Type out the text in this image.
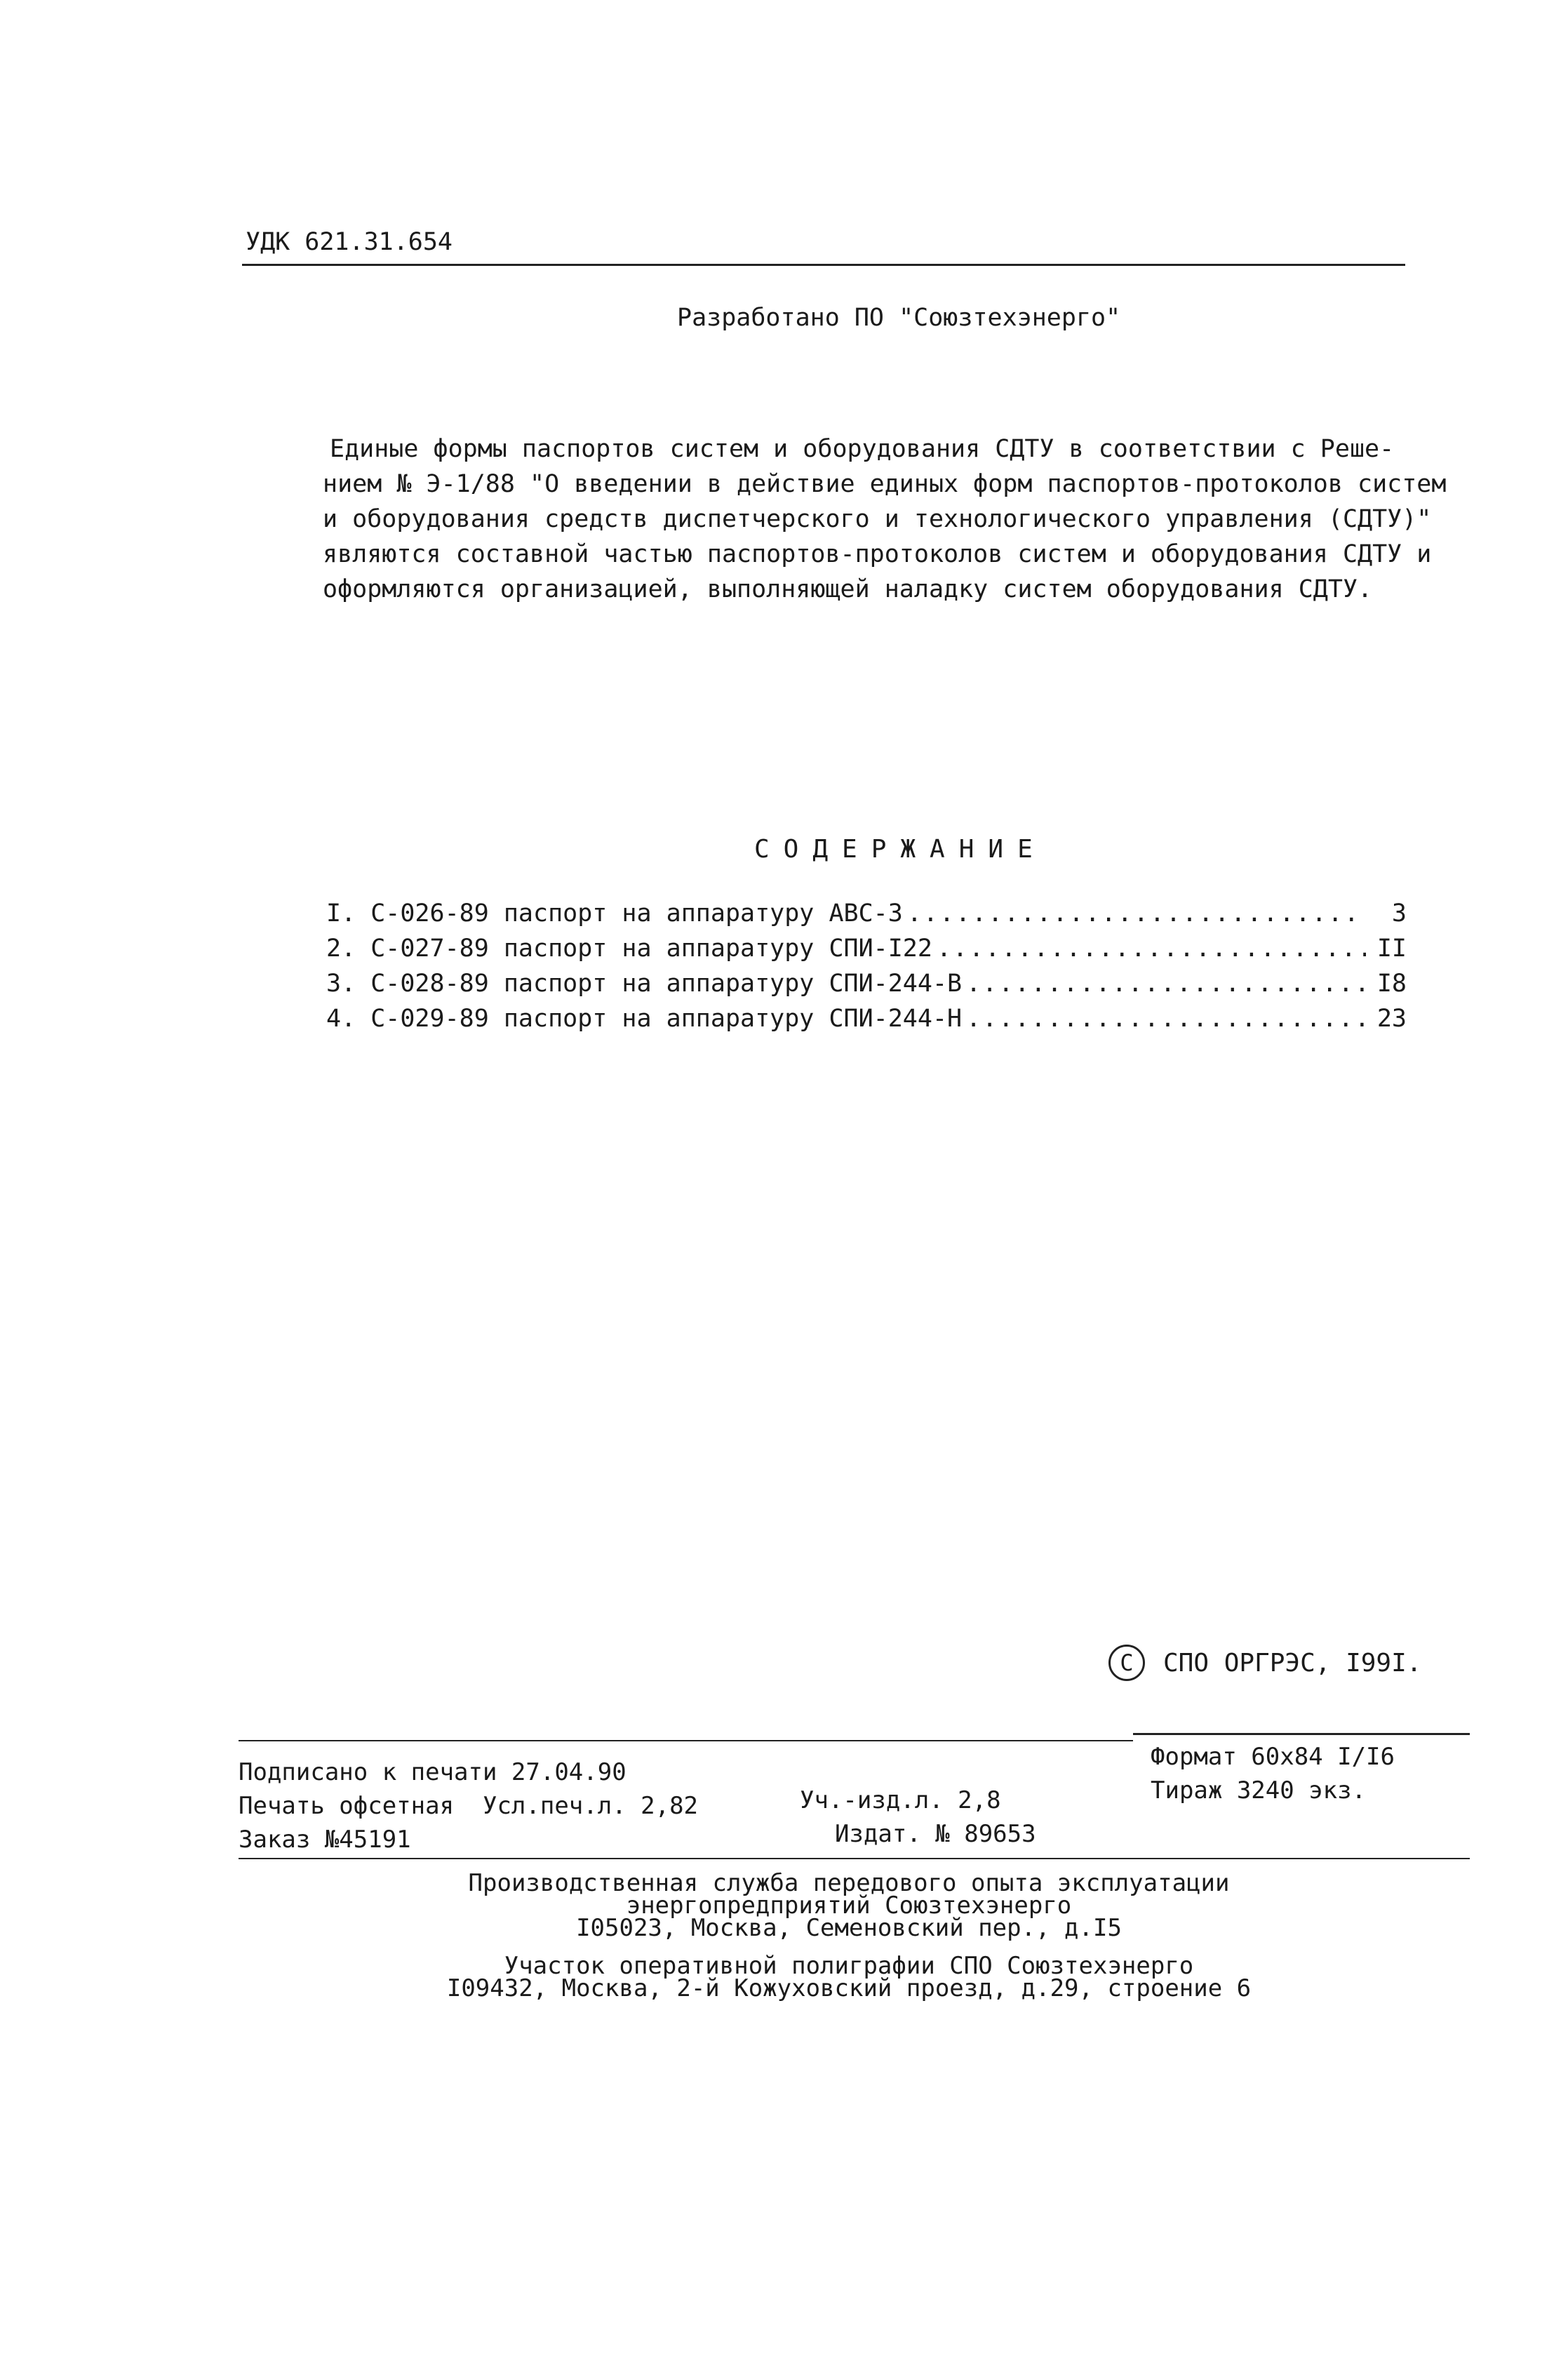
УДК 621.31.654
Разработано ПО "Союзтехэнерго"
Единые формы паспортов систем и оборудования СДТУ в соответствии с Реше-
нием № Э-1/88 "О введении в действие единых форм паспортов-протоколов систем
и оборудования средств диспетчерского и технологического управления (СДТУ)"
являются составной частью паспортов-протоколов систем и оборудования СДТУ и
оформляются организацией, выполняющей наладку систем оборудования СДТУ.
СОДЕРЖАНИЕ
I. С-026-89 паспорт на аппаратуру АВС-3 .....	3
2. С-027-89 паспорт на аппаратуру СПИ-I22 .....	II
3. С-028-89 паспорт на аппаратуру СПИ-244-В .....	I8
4. С-029-89 паспорт на аппаратуру СПИ-244-Н .....	23
С	СПО ОРГРЭС, I99I.
Подписано к печати 27.04.90
Печать офсетная  Усл.печ.л. 2,82
Заказ №45191
Уч.-изд.л. 2,8
Издат. № 89653
Формат 60х84 I/I6
Тираж 3240 экз.
Производственная служба передового опыта эксплуатации
энергопредприятий Союзтехэнерго
I05023, Москва, Семеновский пер., д.I5
Участок оперативной полиграфии СПО Союзтехэнерго
I09432, Москва, 2-й Кожуховский проезд, д.29, строение 6
